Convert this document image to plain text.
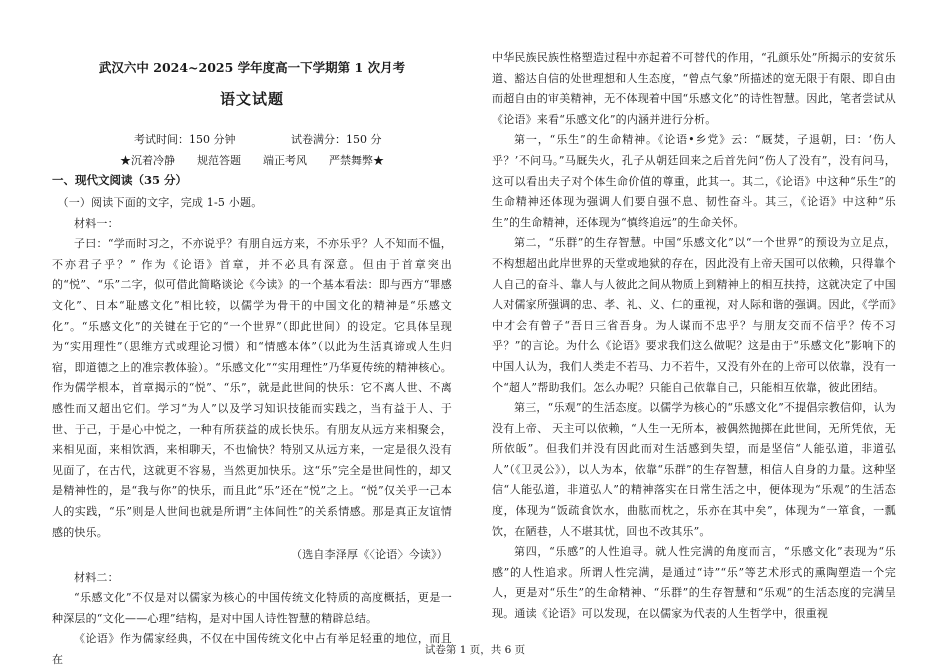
武汉六中 2024~2025 学年度高一下学期第 1 次月考
语文试题
考试时间：150 分钟	试卷满分：150 分
★沉着冷静　　规范答题　　端正考风　　严禁舞弊★
一、现代文阅读（35 分）

（一）阅读下面的文字，完成 1-5 小题。

材料一：

子曰：“学而时习之，不亦说乎？有朋自远方来，不亦乐乎？人不知而不愠，不亦君子乎？” 作为《论语》首章，并不必具有深意。但由于首章突出的“悦”、“乐”二字，似可借此简略谈论《今读》的一个基本看法：即与西方“罪感文化”、日本“耻感文化”相比较，以儒学为骨干的中国文化的精神是“乐感文化”。“乐感文化”的关键在于它的“一个世界”（即此世间）的设定。它具体呈现为“实用理性”（思维方式或理论习惯）和“情感本体”（以此为生活真谛或人生归宿，即道德之上的准宗教体验）。“乐感文化”“实用理性”乃华夏传统的精神核心。作为儒学根本，首章揭示的“悦”、“乐”，就是此世间的快乐：它不离人世、不离感性而又超出它们。学习“为人”以及学习知识技能而实践之，当有益于人、于世、于己，于是心中悦之，一种有所获益的成长快乐。有朋友从远方来相聚会，来相见面，来相饮酒，来相聊天，不也愉快？特别又从远方来，一定是很久没有见面了，在古代，这就更不容易，当然更加快乐。这“乐”完全是世间性的，却又是精神性的，是“我与你”的快乐，而且此“乐”还在“悦”之上。“悦”仅关乎一己本人的实践，“乐”则是人世间也就是所谓“主体间性”的关系情感。那是真正友谊情感的快乐。

（选自李泽厚《〈论语〉今读》）

材料二：

“乐感文化”不仅是对以儒家为核心的中国传统文化特质的高度概括，更是一种深层的“文化——心理”结构，是对中国人诗性智慧的精辟总结。

《论语》作为儒家经典，不仅在中国传统文化中占有举足轻重的地位，而且在

中华民族民族性格塑造过程中亦起着不可替代的作用，“孔颜乐处”所揭示的安贫乐道、豁达自信的处世理想和人生态度，“曾点气象”所描述的宽无限于有限、即自由而超自由的审美精神，无不体现着中国“乐感文化”的诗性智慧。因此，笔者尝试从《论语》来看“乐感文化”的内涵并进行分析。

第一，“乐生”的生命精神。《论语•乡党》云：“厩焚，子退朝，曰：‘伤人乎？’不问马。”马厩失火，孔子从朝廷回来之后首先问“伤人了没有”，没有问马，这可以看出夫子对个体生命价值的尊重，此其一。其二，《论语》中这种“乐生”的生命精神还体现为强调人们要自强不息、韧性奋斗。其三，《论语》中这种“乐生”的生命精神，还体现为“慎终追远”的生命关怀。

第二，“乐群”的生存智慧。中国“乐感文化”以“一个世界”的预设为立足点，不构想超出此岸世界的天堂或地狱的存在，因此没有上帝天国可以依赖，只得靠个人自己的奋斗、靠人与人彼此之间从物质上到精神上的相互扶持，这就决定了中国人对儒家所强调的忠、孝、礼、义、仁的重视，对人际和谐的强调。因此，《学而》中才会有曾子“吾日三省吾身。为人谋而不忠乎？与朋友交而不信乎？传不习乎？”的言论。为什么《论语》要求我们这么做呢？这是由于“乐感文化”影响下的中国人认为，我们人类走不若马、力不若牛，又没有外在的上帝可以依靠，没有一个“超人”帮助我们。怎么办呢？只能自己依靠自己，只能相互依靠，彼此团结。

第三，“乐观”的生活态度。以儒学为核心的“乐感文化”不提倡宗教信仰，认为没有上帝、 天主可以依赖，“人生一无所本，被偶然抛掷在此世间，无所凭依，无所依皈”。但我们并没有因此而对生活感到失望，而是坚信“人能弘道，非道弘人”（《卫灵公》），以人为本，依靠“乐群”的生存智慧，相信人自身的力量。这种坚信“人能弘道，非道弘人”的精神落实在日常生活之中，便体现为“乐观”的生活态度，体现为“饭疏食饮水，曲肱而枕之，乐亦在其中矣”，体现为“一箪食，一瓢饮，在陋巷，人不堪其忧，回也不改其乐”。

第四，“乐感”的人性追寻。就人性完满的角度而言，“乐感文化”表现为“乐感”的人性追求。所谓人性完满，是通过“诗”“乐”等艺术形式的熏陶塑造一个完人，更是对“乐生”的生命精神、“乐群”的生存智慧和“乐观”的生活态度的完满呈现。通读《论语》可以发现，在以儒家为代表的人生哲学中，很重视

试卷第 1 页，共 6 页
